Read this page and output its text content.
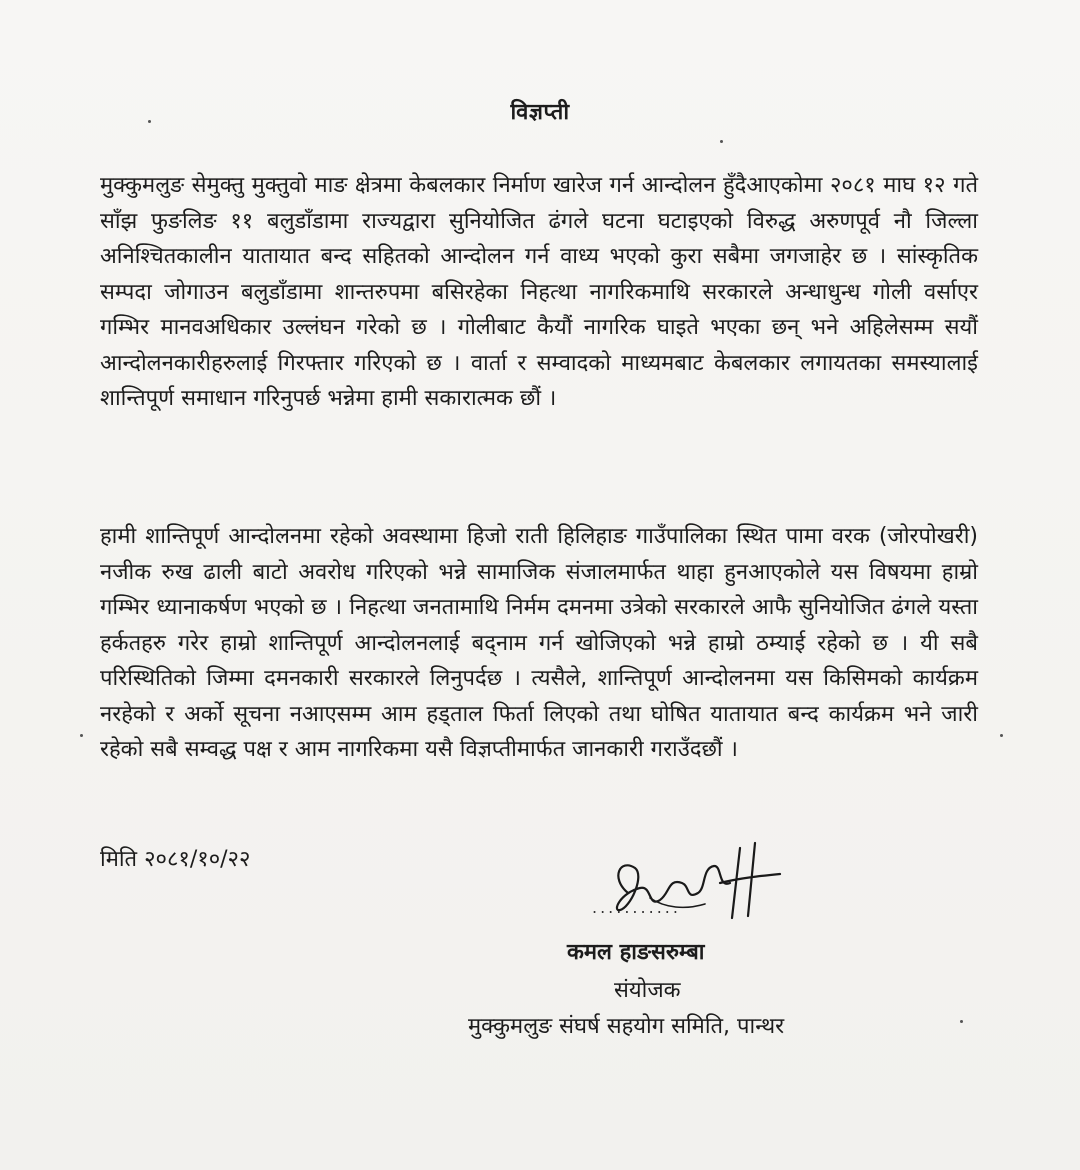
विज्ञप्ती

मुक्कुमलुङ सेमुक्तु मुक्तुवो माङ क्षेत्रमा केबलकार निर्माण खारेज गर्न आन्दोलन हुँदैआएकोमा २०८१ माघ १२ गते साँझ फुङलिङ ११ बलुडाँडामा राज्यद्वारा सुनियोजित ढंगले घटना घटाइएको विरुद्ध अरुणपूर्व नौ जिल्ला अनिश्चितकालीन यातायात बन्द सहितको आन्दोलन गर्न वाध्य भएको कुरा सबैमा जगजाहेर छ । सांस्कृतिक सम्पदा जोगाउन बलुडाँडामा शान्तरुपमा बसिरहेका निहत्था नागरिकमाथि सरकारले अन्धाधुन्ध गोली वर्साएर गम्भिर मानवअधिकार उल्लंघन गरेको छ । गोलीबाट कैयौं नागरिक घाइते भएका छन् भने अहिलेसम्म सयौं आन्दोलनकारीहरुलाई गिरफ्तार गरिएको छ । वार्ता र सम्वादको माध्यमबाट केबलकार लगायतका समस्यालाई शान्तिपूर्ण समाधान गरिनुपर्छ भन्नेमा हामी सकारात्मक छौं ।

हामी शान्तिपूर्ण आन्दोलनमा रहेको अवस्थामा हिजो राती हिलिहाङ गाउँपालिका स्थित पामा वरक (जोरपोखरी) नजीक रुख ढाली बाटो अवरोध गरिएको भन्ने सामाजिक संजालमार्फत थाहा हुनआएकोले यस विषयमा हाम्रो गम्भिर ध्यानाकर्षण भएको छ । निहत्था जनतामाथि निर्मम दमनमा उत्रेको सरकारले आफै सुनियोजित ढंगले यस्ता हर्कतहरु गरेर हाम्रो शान्तिपूर्ण आन्दोलनलाई बद्नाम गर्न खोजिएको भन्ने हाम्रो ठम्याई रहेको छ । यी सबै परिस्थितिको जिम्मा दमनकारी सरकारले लिनुपर्दछ । त्यसैले, शान्तिपूर्ण आन्दोलनमा यस किसिमको कार्यक्रम नरहेको र अर्को सूचना नआएसम्म आम हड्ताल फिर्ता लिएको तथा घोषित यातायात बन्द कार्यक्रम भने जारी रहेको सबै सम्वद्ध पक्ष र आम नागरिकमा यसै विज्ञप्तीमार्फत जानकारी गराउँदछौं ।

मिति २०८१/१०/२२
...........
कमल हाङसरुम्बा
संयोजक
मुक्कुमलुङ संघर्ष सहयोग समिति, पान्थर
